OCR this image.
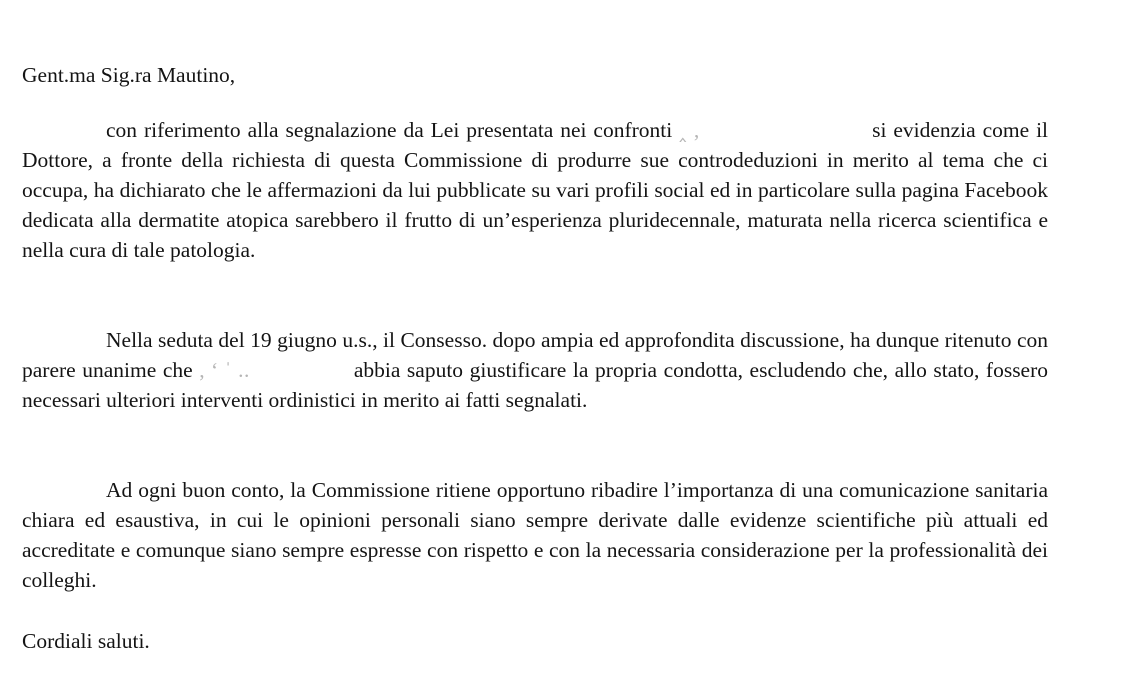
Gent.ma Sig.ra Mautino,

con riferimento alla segnalazione da Lei presentata nei confronti ‸ ‚	si evidenzia come il Dottore, a fronte della richiesta di questa Commissione di produrre sue controdeduzioni in merito al tema che ci occupa, ha dichiarato che le affermazioni da lui pubblicate su vari profili social ed in particolare sulla pagina Facebook dedicata alla dermatite atopica sarebbero il frutto di un’esperienza pluridecennale, maturata nella ricerca scientifica e nella cura di tale patologia.

Nella seduta del 19 giugno u.s., il Consesso. dopo ampia ed approfondita discussione, ha dunque ritenuto con parere unanime che , ‘ ˈ ..	abbia saputo giustificare la propria condotta, escludendo che, allo stato, fossero necessari ulteriori interventi ordinistici in merito ai fatti segnalati.

Ad ogni buon conto, la Commissione ritiene opportuno ribadire l’importanza di una comunicazione sanitaria chiara ed esaustiva, in cui le opinioni personali siano sempre derivate dalle evidenze scientifiche più attuali ed accreditate e comunque siano sempre espresse con rispetto e con la necessaria considerazione per la professionalità dei colleghi.

Cordiali saluti.
